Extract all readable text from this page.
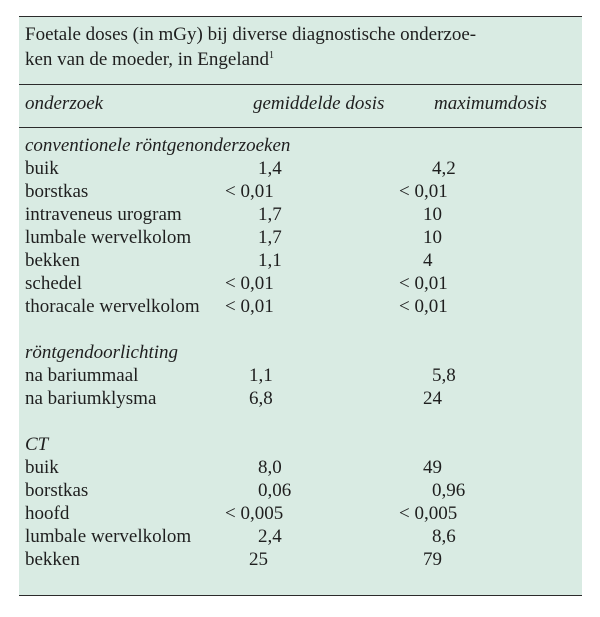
Foetale doses (in mGy) bij diverse diagnostische onderzoe-
ken van de moeder, in Engeland$^1$
onderzoek	gemiddelde dosis	maximumdosis
conventionele röntgenonderzoeken
buik	1,4	4,2
borstkas	< 0,01	< 0,01
intraveneus urogram	1,7	10
lumbale wervelkolom	1,7	10
bekken	1,1	4
schedel	< 0,01	< 0,01
thoracale wervelkolom < 0,01	< 0,01
röntgendoorlichting
na bariummaal	1,1	5,8
na bariumklysma	6,8	24
CT
buik	8,0	49
borstkas	0,06	0,96
hoofd	< 0,005	< 0,005
lumbale wervelkolom	2,4	8,6
bekken	25	79
